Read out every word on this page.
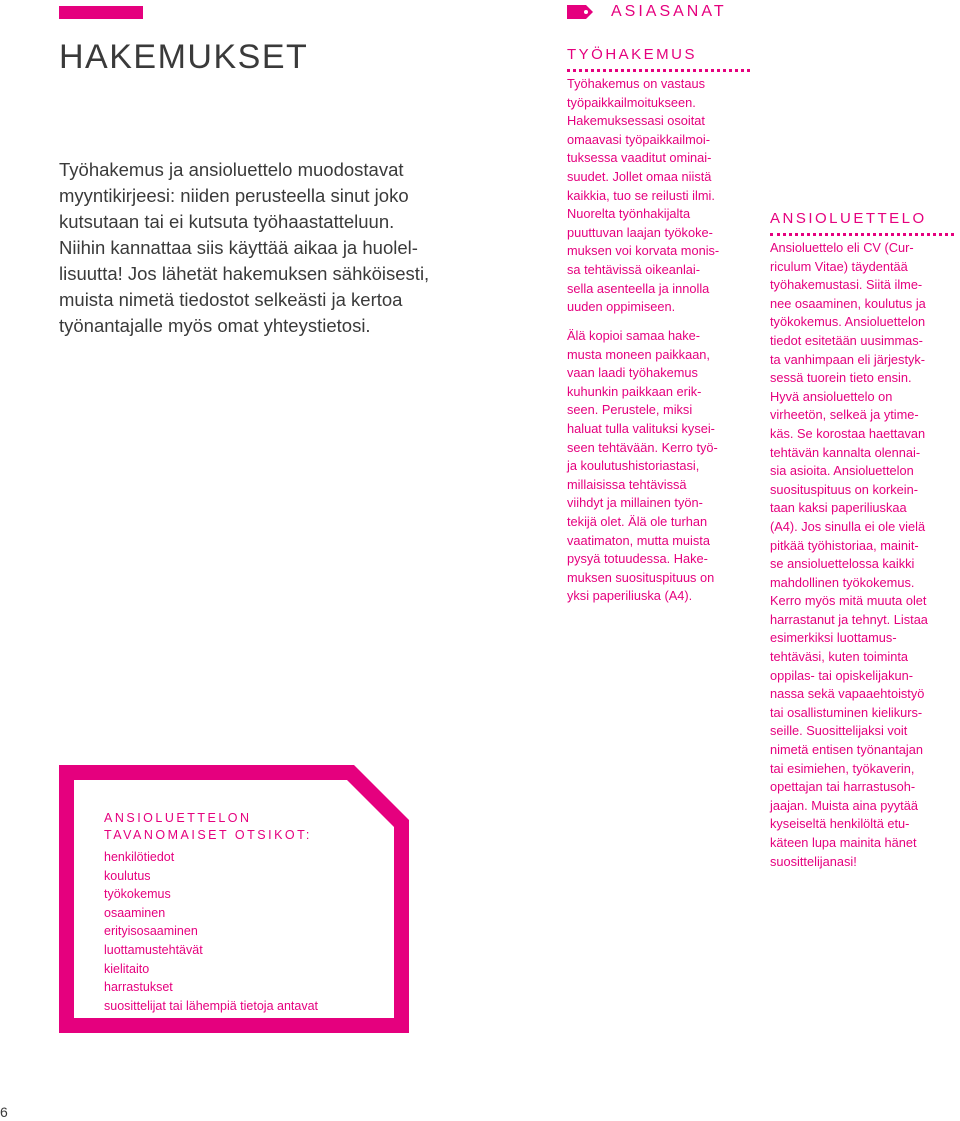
HAKEMUKSET
Työhakemus ja ansioluettelo muodostavat
myyntikirjeesi: niiden perusteella sinut joko
kutsutaan tai ei kutsuta työhaastatteluun.
Niihin kannattaa siis käyttää aikaa ja huolel-
lisuutta! Jos lähetät hakemuksen sähköisesti,
muista nimetä tiedostot selkeästi ja kertoa
työnantajalle myös omat yhteystietosi.
ANSIOLUETTELON
TAVANOMAISET OTSIKOT:
henkilötiedot
koulutus
työkokemus
osaaminen
erityisosaaminen
luottamustehtävät
kielitaito
harrastukset
suosittelijat tai lähempiä tietoja antavat
ASIASANAT
TYÖHAKEMUS
Työhakemus on vastaus
työpaikkailmoitukseen.
Hakemuksessasi osoitat
omaavasi työpaikkailmoi-
tuksessa vaaditut ominai-
suudet. Jollet omaa niistä
kaikkia, tuo se reilusti ilmi.
Nuorelta työnhakijalta
puuttuvan laajan työkoke-
muksen voi korvata monis-
sa tehtävissä oikeanlai-
sella asenteella ja innolla
uuden oppimiseen.
Älä kopioi samaa hake-
musta moneen paikkaan,
vaan laadi työhakemus
kuhunkin paikkaan erik-
seen. Perustele, miksi
haluat tulla valituksi kysei-
seen tehtävään. Kerro työ-
ja koulutushistoriastasi,
millaisissa tehtävissä
viihdyt ja millainen työn-
tekijä olet. Älä ole turhan
vaatimaton, mutta muista
pysyä totuudessa. Hake-
muksen suosituspituus on
yksi paperiliuska (A4).
ANSIOLUETTELO
Ansioluettelo eli CV (Cur-
riculum Vitae) täydentää
työhakemustasi. Siitä ilme-
nee osaaminen, koulutus ja
työkokemus. Ansioluettelon
tiedot esitetään uusimmas-
ta vanhimpaan eli järjestyk-
sessä tuorein tieto ensin.
Hyvä ansioluettelo on
virheetön, selkeä ja ytime-
käs. Se korostaa haettavan
tehtävän kannalta olennai-
sia asioita. Ansioluettelon
suosituspituus on korkein-
taan kaksi paperiliuskaa
(A4). Jos sinulla ei ole vielä
pitkää työhistoriaa, mainit-
se ansioluettelossa kaikki
mahdollinen työkokemus.
Kerro myös mitä muuta olet
harrastanut ja tehnyt. Listaa
esimerkiksi luottamus-
tehtäväsi, kuten toiminta
oppilas- tai opiskelijakun-
nassa sekä vapaaehtoistyö
tai osallistuminen kielikurs-
seille. Suosittelijaksi voit
nimetä entisen työnantajan
tai esimiehen, työkaverin,
opettajan tai harrastusoh-
jaajan. Muista aina pyytää
kyseiseltä henkilöltä etu-
käteen lupa mainita hänet
suosittelijanasi!
6
